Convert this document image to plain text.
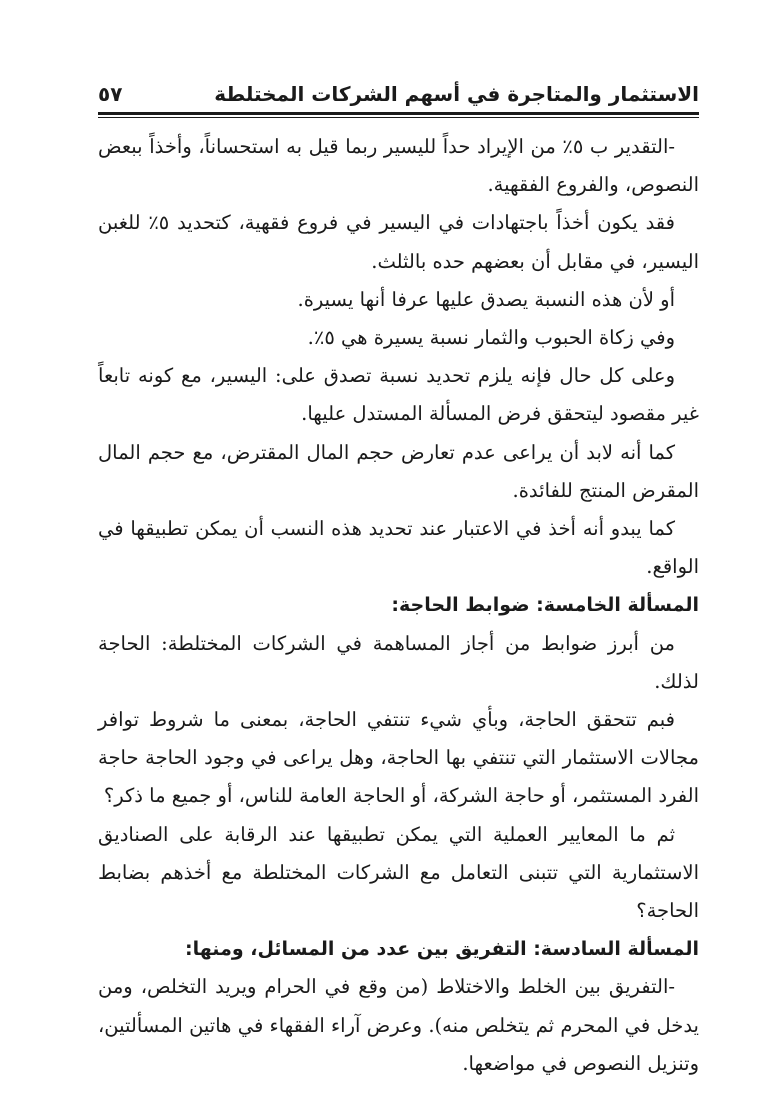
الاستثمار والمتاجرة في أسهم الشركات المختلطة
٥٧

-التقدير ب ٥٪ من الإيراد حداً لليسير ربما قيل به استحساناً، وأخذاً ببعض النصوص، والفروع الفقهية.

فقد يكون أخذاً باجتهادات في اليسير في فروع فقهية، كتحديد ٥٪ للغبن اليسير، في مقابل أن بعضهم حده بالثلث.

أو لأن هذه النسبة يصدق عليها عرفا أنها يسيرة.

وفي زكاة الحبوب والثمار نسبة يسيرة هي ٥٪.

وعلى كل حال فإنه يلزم تحديد نسبة تصدق على: اليسير، مع كونه تابعاً غير مقصود ليتحقق فرض المسألة المستدل عليها.

كما أنه لابد أن يراعى عدم تعارض حجم المال المقترض، مع حجم المال المقرض المنتج للفائدة.

كما يبدو أنه أخذ في الاعتبار عند تحديد هذه النسب أن يمكن تطبيقها في الواقع.

المسألة الخامسة: ضوابط الحاجة:

من أبرز ضوابط من أجاز المساهمة في الشركات المختلطة: الحاجة لذلك.

فبم تتحقق الحاجة، وبأي شيء تنتفي الحاجة، بمعنى ما شروط توافر مجالات الاستثمار التي تنتفي بها الحاجة، وهل يراعى في وجود الحاجة حاجة الفرد المستثمر، أو حاجة الشركة، أو الحاجة العامة للناس، أو جميع ما ذكر؟

ثم ما المعايير العملية التي يمكن تطبيقها عند الرقابة على الصناديق الاستثمارية التي تتبنى التعامل مع الشركات المختلطة مع أخذهم بضابط الحاجة؟

المسألة السادسة: التفريق بين عدد من المسائل، ومنها:

-التفريق بين الخلط والاختلاط (من وقع في الحرام ويريد التخلص، ومن يدخل في المحرم ثم يتخلص منه). وعرض آراء الفقهاء في هاتين المسألتين، وتنزيل النصوص في مواضعها.
